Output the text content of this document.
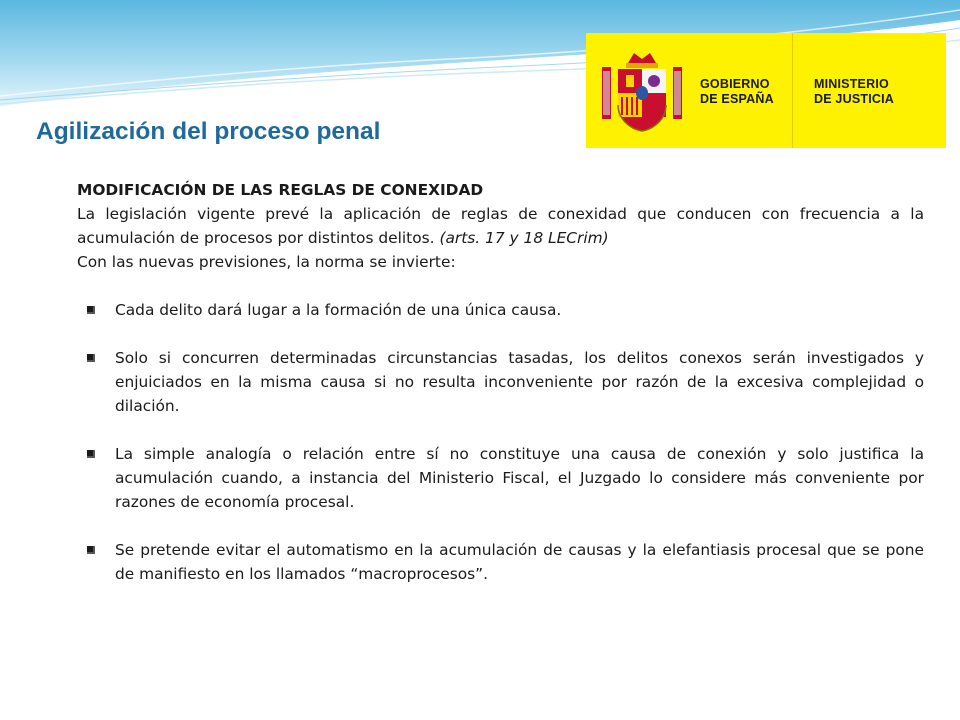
GOBIERNO
DE ESPAÑA
MINISTERIO
DE JUSTICIA
Agilización del proceso penal
MODIFICACIÓN DE LAS REGLAS DE CONEXIDAD
La legislación vigente prevé la aplicación de reglas de conexidad que conducen con frecuencia a la acumulación de procesos por distintos delitos. (arts. 17 y 18 LECrim)
Con las nuevas previsiones, la norma se invierte:
Cada delito dará lugar a la formación de una única causa.
Solo si concurren determinadas circunstancias tasadas, los delitos conexos serán investigados y enjuiciados en la misma causa si no resulta inconveniente por razón de la excesiva complejidad o dilación.
La simple analogía o relación entre sí no constituye una causa de conexión y solo justifica la acumulación cuando, a instancia del Ministerio Fiscal, el Juzgado lo considere más conveniente por razones de economía procesal.
Se pretende evitar el automatismo en la acumulación de causas y la elefantiasis procesal que se pone de manifiesto en los llamados “macroprocesos”.
